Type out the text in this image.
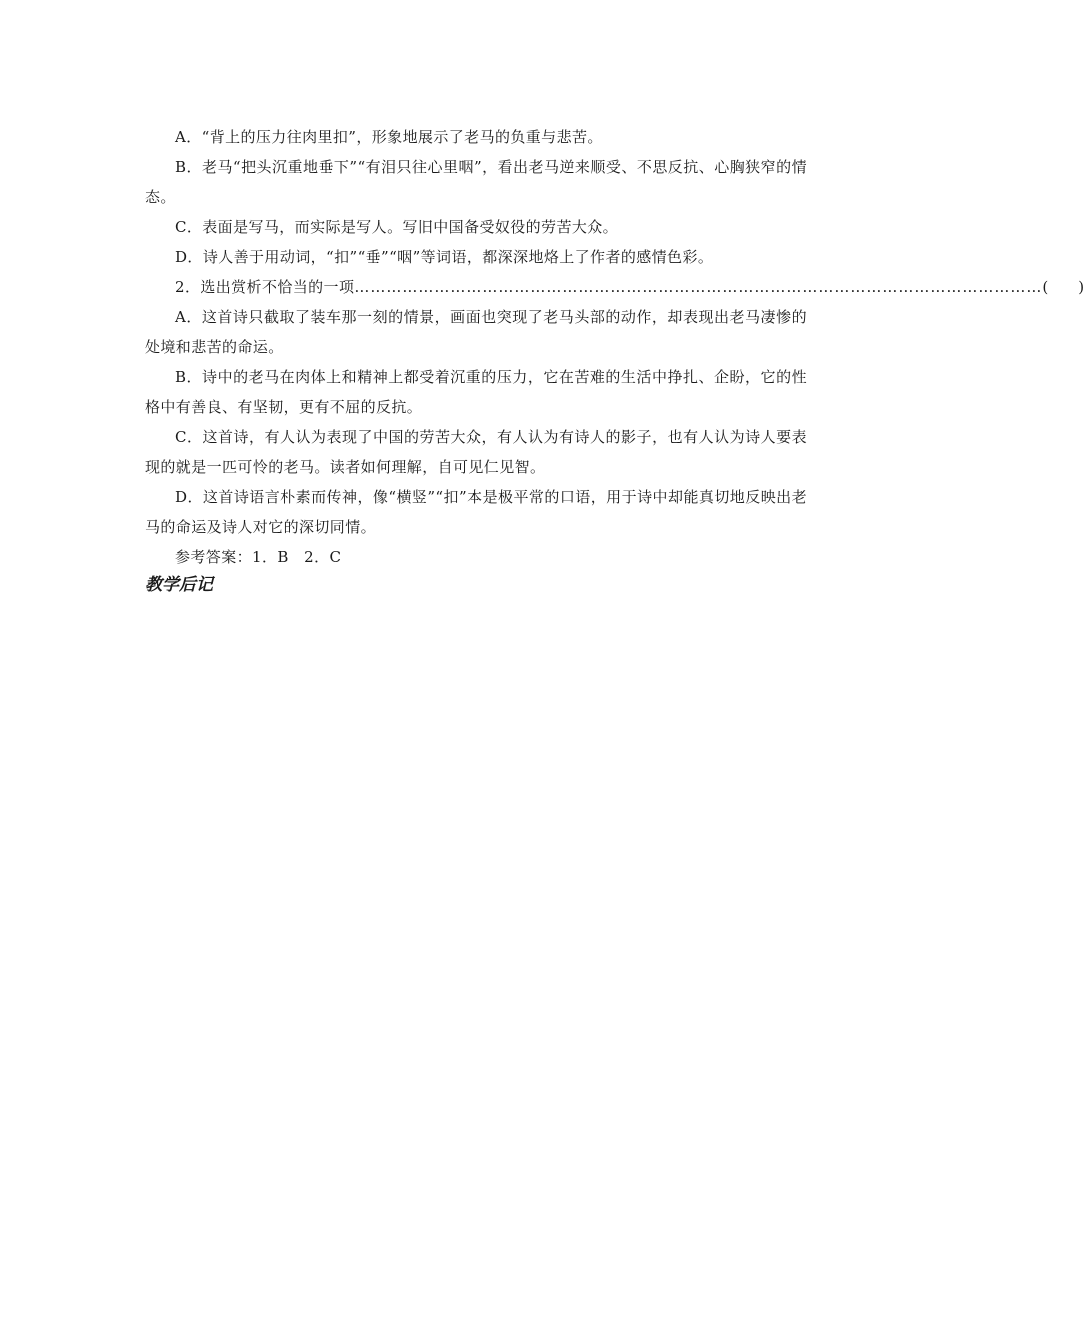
A．“背上的压力往肉里扣”，形象地展示了老马的负重与悲苦。

B．老马“把头沉重地垂下”“有泪只往心里咽”，看出老马逆来顺受、不思反抗、心胸狭窄的情态。

C．表面是写马，而实际是写人。写旧中国备受奴役的劳苦大众。

D．诗人善于用动词，“扣”“垂”“咽”等词语，都深深地烙上了作者的感情色彩。

2．选出赏析不恰当的一项 ………………………………………………………………………………………………………………… (　　)

A．这首诗只截取了装车那一刻的情景，画面也突现了老马头部的动作，却表现出老马凄惨的处境和悲苦的命运。

B．诗中的老马在肉体上和精神上都受着沉重的压力，它在苦难的生活中挣扎、企盼，它的性格中有善良、有坚韧，更有不屈的反抗。

C．这首诗，有人认为表现了中国的劳苦大众，有人认为有诗人的影子，也有人认为诗人要表现的就是一匹可怜的老马。读者如何理解，自可见仁见智。

D．这首诗语言朴素而传神，像“横竖”“扣”本是极平常的口语，用于诗中却能真切地反映出老马的命运及诗人对它的深切同情。

参考答案：1．B　2．C

教学后记
